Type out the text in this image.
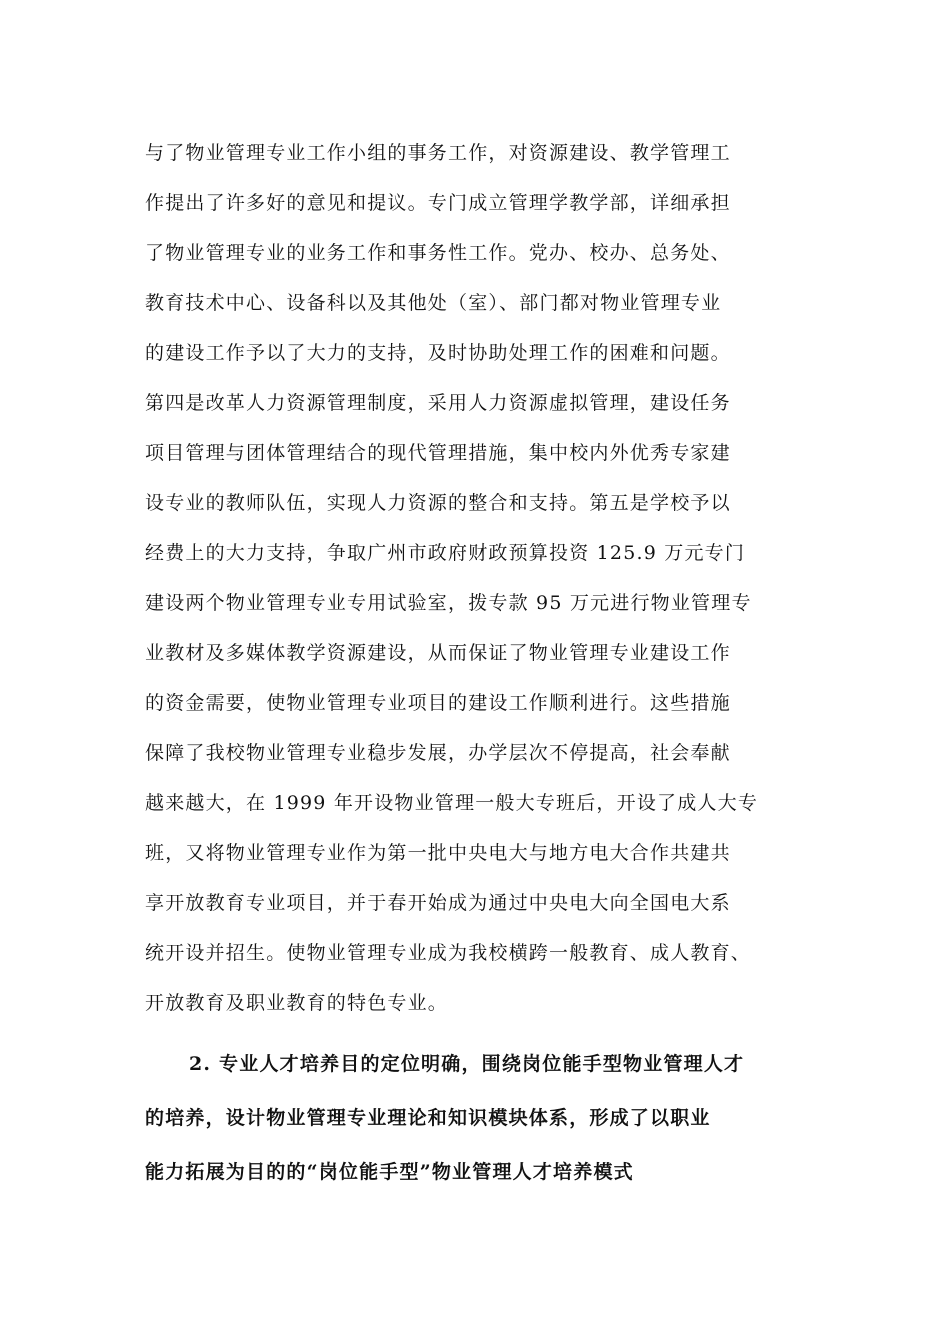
与了物业管理专业工作小组的事务工作，对资源建设、教学管理工
作提出了许多好的意见和提议。专门成立管理学教学部，详细承担
了物业管理专业的业务工作和事务性工作。党办、校办、总务处、
教育技术中心、设备科以及其他处（室）、部门都对物业管理专业
的建设工作予以了大力的支持，及时协助处理工作的困难和问题。
第四是改革人力资源管理制度，采用人力资源虚拟管理，建设任务
项目管理与团体管理结合的现代管理措施，集中校内外优秀专家建
设专业的教师队伍，实现人力资源的整合和支持。第五是学校予以
经费上的大力支持，争取广州市政府财政预算投资 125.9 万元专门
建设两个物业管理专业专用试验室，拨专款 95 万元进行物业管理专
业教材及多媒体教学资源建设，从而保证了物业管理专业建设工作
的资金需要，使物业管理专业项目的建设工作顺利进行。这些措施
保障了我校物业管理专业稳步发展，办学层次不停提高，社会奉献
越来越大，在 1999 年开设物业管理一般大专班后，开设了成人大专
班，又将物业管理专业作为第一批中央电大与地方电大合作共建共
享开放教育专业项目，并于春开始成为通过中央电大向全国电大系
统开设并招生。使物业管理专业成为我校横跨一般教育、成人教育、
开放教育及职业教育的特色专业。
2. 专业人才培养目的定位明确，围绕岗位能手型物业管理人才
的培养，设计物业管理专业理论和知识模块体系，形成了以职业
能力拓展为目的的“岗位能手型”物业管理人才培养模式
